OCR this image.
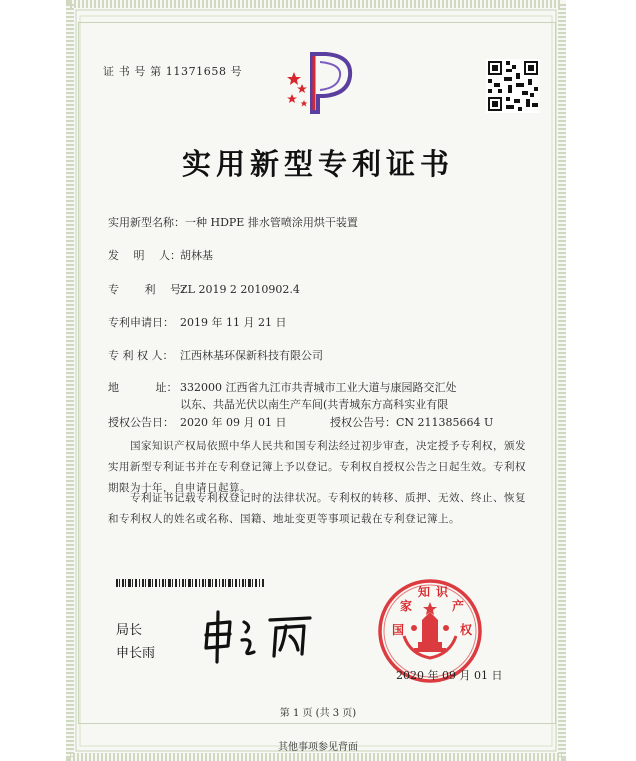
证 书 号 第 11371658 号
实用新型专利证书
实用新型名称：一种 HDPE 排水管喷涂用烘干装置
发　 明　 人：胡林基
专　　 利　 号：ZL 2019 2 2010902.4
专利申请日： 2019 年 11 月 21 日
专 利 权 人： 江西林基环保新科技有限公司
地　　　 址： 332000 江西省九江市共青城市工业大道与康园路交汇处
以东、共晶光伏以南生产车间(共青城东方高科实业有限
授权公告日： 2020 年 09 月 01 日	授权公告号：CN 211385664 U
国家知识产权局依照中华人民共和国专利法经过初步审查，决定授予专利权，颁发实用新型专利证书并在专利登记簿上予以登记。专利权自授权公告之日起生效。专利权期限为十年，自申请日起算。
专利证书记载专利权登记时的法律状况。专利权的转移、质押、无效、终止、恢复和专利权人的姓名或名称、国籍、地址变更等事项记载在专利登记簿上。
局长
申长雨
国
家
知 识
产
权
2020 年 09 月 01 日
第 1 页 (共 3 页)
其他事项参见背面
